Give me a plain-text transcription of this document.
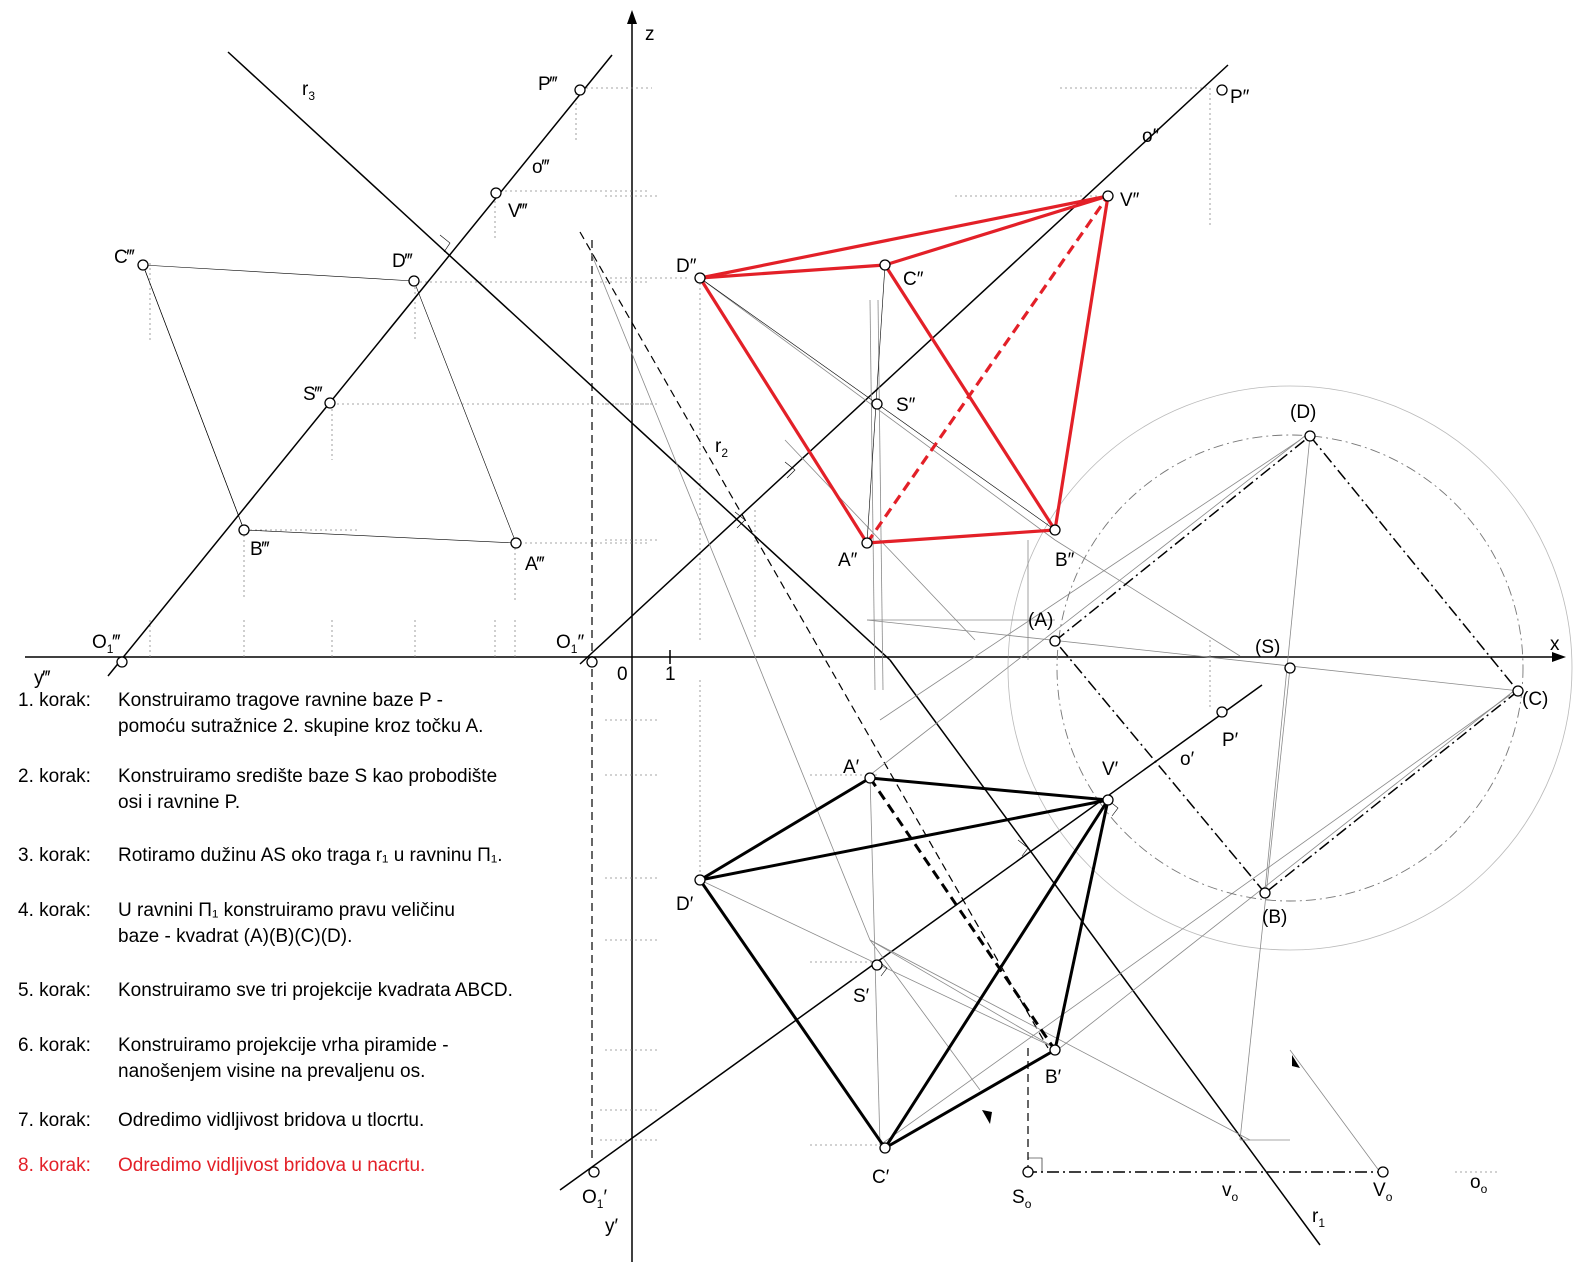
z
x
y‴
y′
0 1
P‴
P″
o‴
o″
V‴
V″
C‴	D‴
S‴
B‴
A‴
D″
C″
S″
A″	B″
(D)
(A)
(S)
(C)
(B)
P′
o′
V′
A′
D′
S′
B′
C′
$S_o$
$v_o$	$V_o$
$o_o$
$O_1‴$	$O_1''$
$O_1'$
$r_1$
$r_2$
$r_3$
1. korak:	Konstruiramo tragove ravnine baze P -
pomoću sutražnice 2. skupine kroz točku A.
2. korak:	Konstruiramo središte baze S kao probodište
osi i ravnine P.
3. korak:	Rotiramo dužinu AS oko traga r₁ u ravninu Π₁.
4. korak:	U ravnini Π₁ konstruiramo pravu veličinu
baze - kvadrat (A)(B)(C)(D).
5. korak:	Konstruiramo sve tri projekcije kvadrata ABCD.
6. korak:	Konstruiramo projekcije vrha piramide -
nanošenjem visine na prevaljenu os.
7. korak:	Odredimo vidljivost bridova u tlocrtu.
8. korak:	Odredimo vidljivost bridova u nacrtu.
